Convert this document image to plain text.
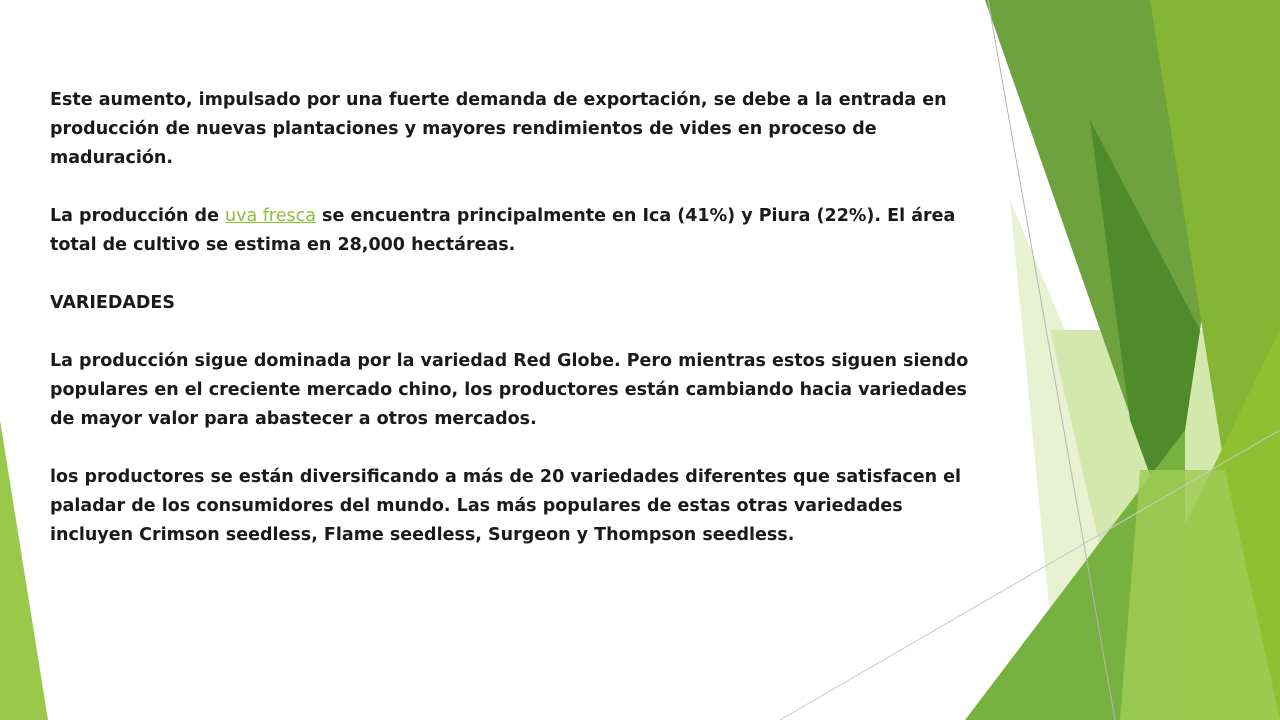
Este aumento, impulsado por una fuerte demanda de exportación, se debe a la entrada en producción de nuevas plantaciones y mayores rendimientos de vides en proceso de maduración.

La producción de uva fresca se encuentra principalmente en Ica (41%) y Piura (22%). El área total de cultivo se estima en 28,000 hectáreas.

VARIEDADES

La producción sigue dominada por la variedad Red Globe. Pero mientras estos siguen siendo populares en el creciente mercado chino, los productores están cambiando hacia variedades de mayor valor para abastecer a otros mercados.

los productores se están diversificando a más de 20 variedades diferentes que satisfacen el paladar de los consumidores del mundo. Las más populares de estas otras variedades incluyen Crimson seedless, Flame seedless, Surgeon y Thompson seedless.
